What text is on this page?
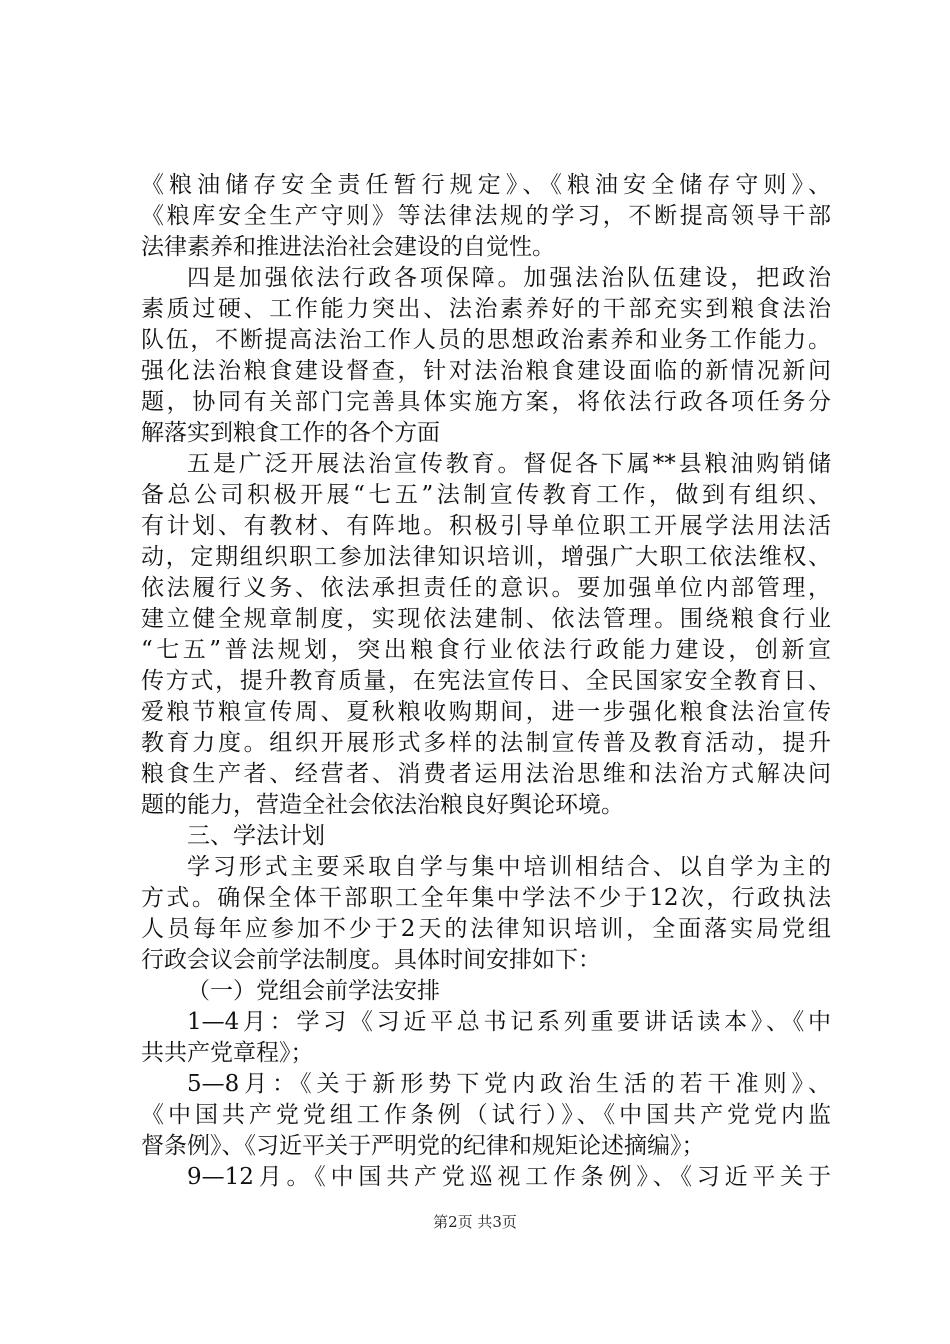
《粮油储存安全责任暂行规定》、《粮油安全储存守则》、
《粮库安全生产守则》等法律法规的学习，不断提高领导干部
法律素养和推进法治社会建设的自觉性。
四是加强依法行政各项保障。加强法治队伍建设，把政治
素质过硬、工作能力突出、法治素养好的干部充实到粮食法治
队伍，不断提高法治工作人员的思想政治素养和业务工作能力。
强化法治粮食建设督查，针对法治粮食建设面临的新情况新问
题，协同有关部门完善具体实施方案，将依法行政各项任务分
解落实到粮食工作的各个方面
五是广泛开展法治宣传教育。督促各下属**县粮油购销储
备总公司积极开展“七五”法制宣传教育工作，做到有组织、
有计划、有教材、有阵地。积极引导单位职工开展学法用法活
动，定期组织职工参加法律知识培训，增强广大职工依法维权、
依法履行义务、依法承担责任的意识。要加强单位内部管理，
建立健全规章制度，实现依法建制、依法管理。围绕粮食行业
“七五”普法规划，突出粮食行业依法行政能力建设，创新宣
传方式，提升教育质量，在宪法宣传日、全民国家安全教育日、
爱粮节粮宣传周、夏秋粮收购期间，进一步强化粮食法治宣传
教育力度。组织开展形式多样的法制宣传普及教育活动，提升
粮食生产者、经营者、消费者运用法治思维和法治方式解决问
题的能力，营造全社会依法治粮良好舆论环境。
三、学法计划
学习形式主要采取自学与集中培训相结合、以自学为主的
方式。确保全体干部职工全年集中学法不少于12次，行政执法
人员每年应参加不少于2天的法律知识培训，全面落实局党组
行政会议会前学法制度。具体时间安排如下：
（一）党组会前学法安排
1—4月：学习《习近平总书记系列重要讲话读本》、《中
共共产党章程》；
5—8月：《关于新形势下党内政治生活的若干准则》、
《中国共产党党组工作条例（试行）》、《中国共产党党内监
督条例》、《习近平关于严明党的纪律和规矩论述摘编》；
9—12月。《中国共产党巡视工作条例》、《习近平关于
第2页 共3页
